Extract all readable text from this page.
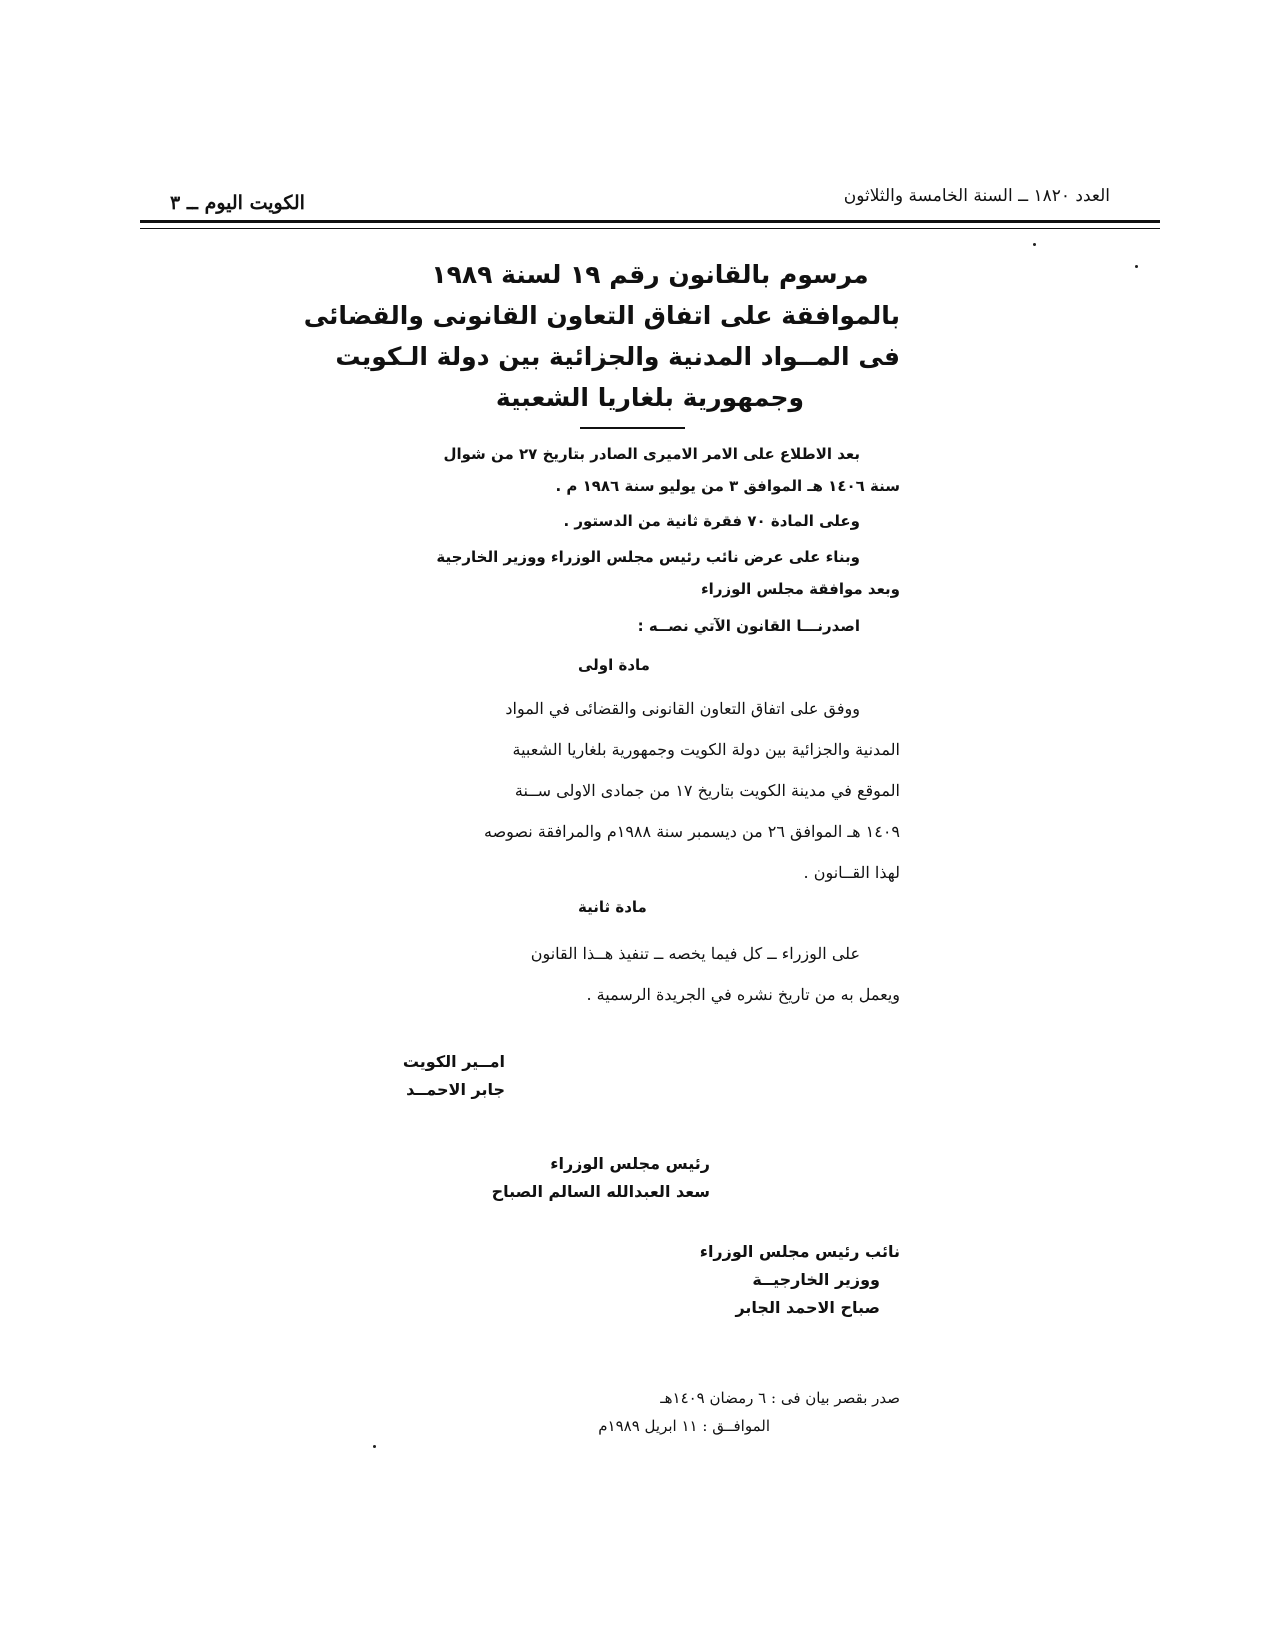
الكويت اليوم ــ ٣	العدد ١٨٢٠ ــ السنة الخامسة والثلاثون
مرسوم بالقانون رقم ١٩ لسنة ١٩٨٩
بالموافقة على اتفاق التعاون القانونى والقضائى
فى المــواد المدنية والجزائية بين دولة الـكويت
وجمهورية بلغاريا الشعبية
بعد الاطلاع على الامر الاميرى الصادر بتاريخ ٢٧ من شوال
سنة ١٤٠٦ هـ الموافق ٣ من يوليو سنة ١٩٨٦ م .
وعلى المادة ٧٠ فقرة ثانية من الدستور .
وبناء على عرض نائب رئيس مجلس الوزراء ووزير الخارجية
وبعد موافقة مجلس الوزراء
اصدرنـــا القانون الآتي نصــه :
مادة اولى
ووفق على اتفاق التعاون القانونى والقضائى في المواد
المدنية والجزائية بين دولة الكويت وجمهورية بلغاريا الشعبية
الموقع في مدينة الكويت بتاريخ ١٧ من جمادى الاولى ســنة
١٤٠٩ هـ الموافق ٢٦ من ديسمبر سنة ١٩٨٨م والمرافقة نصوصه
لهذا القــانون .
مادة ثانية
على الوزراء ــ كل فيما يخصه ــ تنفيذ هــذا القانون
ويعمل به من تاريخ نشره في الجريدة الرسمية .
امــير الكويت
جابر الاحمــد
رئيس مجلس الوزراء
سعد العبدالله السالم الصباح
نائب رئيس مجلس الوزراء
ووزير الخارجيــة
صباح الاحمد الجابر
صدر بقصر بيان فى : ٦ رمضان ١٤٠٩هـ
الموافــق : ١١ ابريل ١٩٨٩م
